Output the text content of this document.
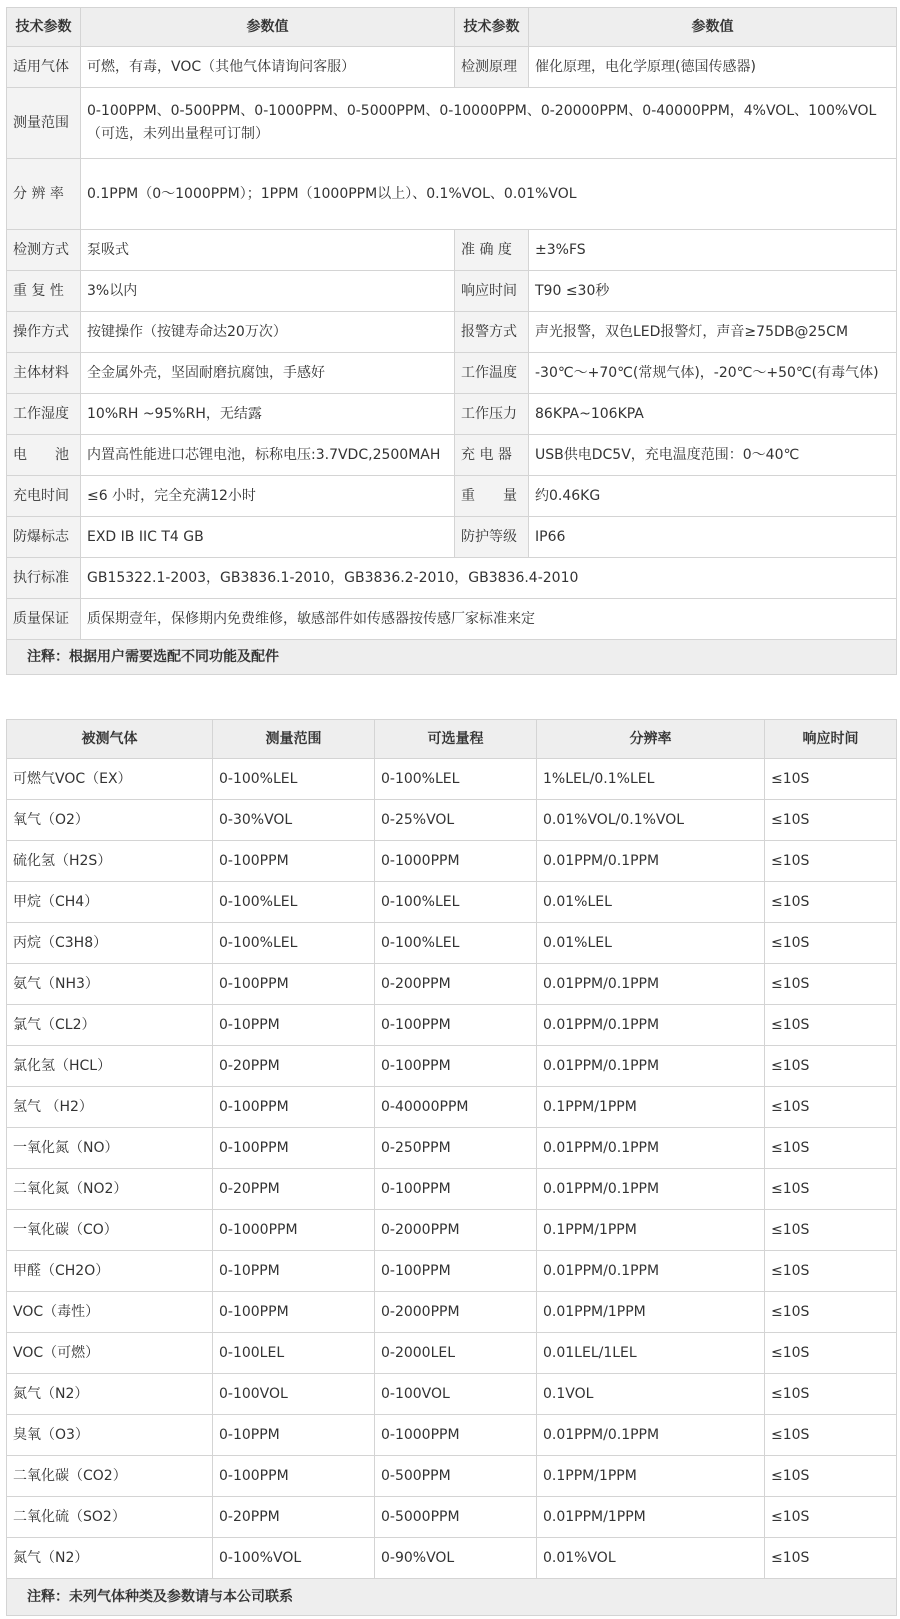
技术参数	参数值	技术参数	参数值
适用气体	可燃，有毒，VOC（其他气体请询问客服）	检测原理	催化原理，电化学原理(德国传感器)
测量范围	0-100PPM、0-500PPM、0-1000PPM、0-5000PPM、0-10000PPM、0-20000PPM、0-40000PPM，4%VOL、100%VOL（可选，未列出量程可订制）		
分 辨 率	0.1PPM（0～1000PPM）；1PPM（1000PPM以上）、0.1%VOL、0.01%VOL		
检测方式	泵吸式	准 确 度	±3%FS
重 复 性	3%以内	响应时间	T90 ≤30秒
操作方式	按键操作（按键寿命达20万次）	报警方式	声光报警，双色LED报警灯，声音≥75DB@25CM
主体材料	全金属外壳，坚固耐磨抗腐蚀，手感好	工作温度	-30℃～+70℃(常规气体)，-20℃～+50℃(有毒气体)
工作湿度	10%RH ~95%RH，无结露	工作压力	86KPA~106KPA
电　　池	内置高性能进口芯锂电池，标称电压:3.7VDC,2500MAH	充 电 器	USB供电DC5V，充电温度范围：0～40℃
充电时间	≤6 小时，完全充满12小时	重　　量	约0.46KG
防爆标志	EXD IB IIC T4 GB	防护等级	IP66
执行标准	GB15322.1-2003，GB3836.1-2010，GB3836.2-2010，GB3836.4-2010		
质量保证	质保期壹年，保修期内免费维修，敏感部件如传感器按传感厂家标准来定		
注释：根据用户需要选配不同功能及配件			
被测气体	测量范围	可选量程	分辨率	响应时间
可燃气VOC（EX）	0-100%LEL	0-100%LEL	1%LEL/0.1%LEL	≤10S
氧气（O2）	0-30%VOL	0-25%VOL	0.01%VOL/0.1%VOL	≤10S
硫化氢（H2S）	0-100PPM	0-1000PPM	0.01PPM/0.1PPM	≤10S
甲烷（CH4）	0-100%LEL	0-100%LEL	0.01%LEL	≤10S
丙烷（C3H8）	0-100%LEL	0-100%LEL	0.01%LEL	≤10S
氨气（NH3）	0-100PPM	0-200PPM	0.01PPM/0.1PPM	≤10S
氯气（CL2）	0-10PPM	0-100PPM	0.01PPM/0.1PPM	≤10S
氯化氢（HCL）	0-20PPM	0-100PPM	0.01PPM/0.1PPM	≤10S
氢气 （H2）	0-100PPM	0-40000PPM	0.1PPM/1PPM	≤10S
一氧化氮（NO）	0-100PPM	0-250PPM	0.01PPM/0.1PPM	≤10S
二氧化氮（NO2）	0-20PPM	0-100PPM	0.01PPM/0.1PPM	≤10S
一氧化碳（CO）	0-1000PPM	0-2000PPM	0.1PPM/1PPM	≤10S
甲醛（CH2O）	0-10PPM	0-100PPM	0.01PPM/0.1PPM	≤10S
VOC（毒性）	0-100PPM	0-2000PPM	0.01PPM/1PPM	≤10S
VOC（可燃）	0-100LEL	0-2000LEL	0.01LEL/1LEL	≤10S
氮气（N2）	0-100VOL	0-100VOL	0.1VOL	≤10S
臭氧（O3）	0-10PPM	0-1000PPM	0.01PPM/0.1PPM	≤10S
二氧化碳（CO2）	0-100PPM	0-500PPM	0.1PPM/1PPM	≤10S
二氧化硫（SO2）	0-20PPM	0-5000PPM	0.01PPM/1PPM	≤10S
氮气（N2）	0-100%VOL	0-90%VOL	0.01%VOL	≤10S
注释：未列气体种类及参数请与本公司联系				
